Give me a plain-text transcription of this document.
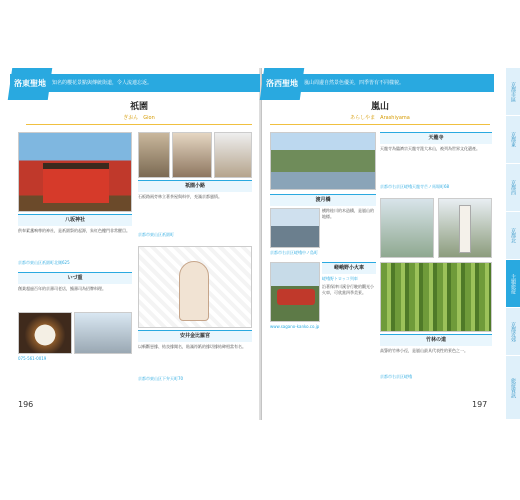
知名的櫻花景點與傳統街道，令人流連忘返。
洛東聖地
祇園
ぎおん　Gion
八坂神社
供奉素盞鳴尊的神社，是祇園祭的起源，朱紅色樓門非常醒目。
京都市東山区祇園町北側625
祇園小路
石板路兩旁林立著茶屋與料亭，充滿京都風情。
京都市東山区祇園町
いづ重
創業超過百年的京壽司老店，鯖壽司為招牌料理。
075-561-0019
安井金比羅宮
以斬斷惡緣、結良緣聞名，貼滿符紙的緣切緣結碑相當有名。
京都市東山区下弁天町70
196
嵐山周邊自然景色優美，四季皆有不同樣貌。
洛西聖地
嵐山
あらしやま　Arashiyama
天龍寺
天龍寺為臨濟宗天龍寺派大本山，被列為世界文化遺產。
京都市右京区嵯峨天龍寺芒ノ馬場町68
渡月橋
橫跨桂川的木造橋，是嵐山的地標。
京都市右京区嵯峨中ノ島町
嵯峨野小火車
嵯峨野トロッコ列車
沿著保津川溪谷行駛的觀光小火車，可欣賞四季美景。
www.sagano-kanko.co.jp
竹林の道
高聳的竹林小徑，是嵐山最具代表性的景色之一。
京都市右京区嵯峨
197
京都市區
京都東
京都西
京都北
主題旅遊
京都近郊
旅遊資訊
